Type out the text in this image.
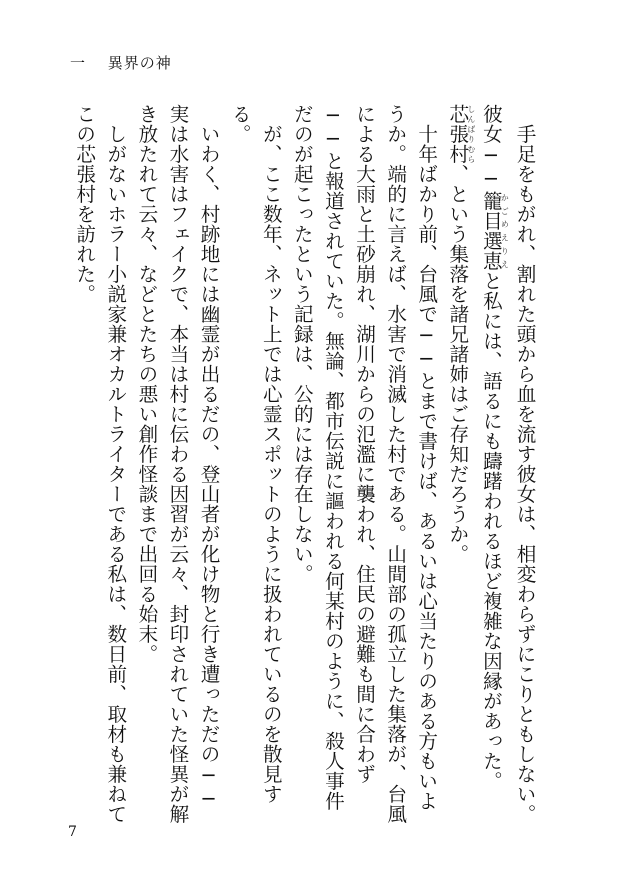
一 異界の神

　手足をもがれ、割れた頭から血を流す彼女は、相変わらずにこりともしない。

彼女──籠目かごめ選恵えりえと私には、語るにも躊躇われるほど複雑な因縁があった。

芯張村しんばりむら、という集落を諸兄諸姉はご存知だろうか。

　十年ばかり前、台風で──とまで書けば、あるいは心当たりのある方もいようか。端的に言えば、水害で消滅した村である。山間部の孤立した集落が、台風による大雨と土砂崩れ、湖川からの氾濫に襲われ、住民の避難も間に合わず──と報道されていた。無論、都市伝説に謳われる何某村のように、殺人事件だのが起こったという記録は、公的には存在しない。

　が、ここ数年、ネット上では心霊スポットのように扱われているのを散見する。

　いわく、村跡地には幽霊が出るだの、登山者が化け物と行き遭っただの──実は水害はフェイクで、本当は村に伝わる因習が云々、封印されていた怪異が解き放たれて云々、などとたちの悪い創作怪談まで出回る始末。

　しがないホラー小説家兼オカルトライターである私は、数日前、取材も兼ねてこの芯張村を訪れた。

7
